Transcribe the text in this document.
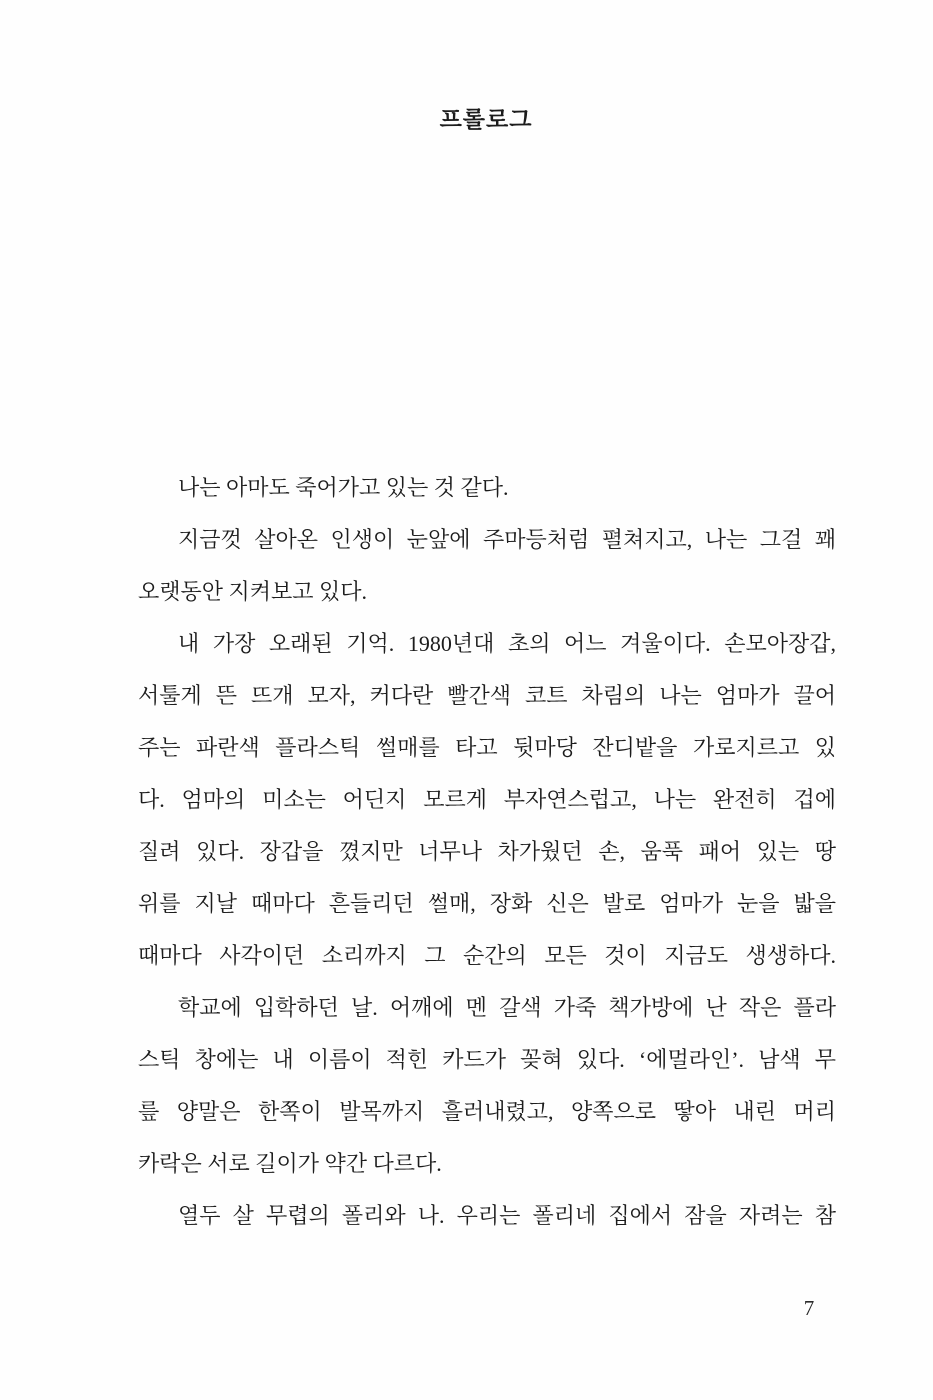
프롤로그
나는 아마도 죽어가고 있는 것 같다.
지금껏 살아온 인생이 눈앞에 주마등처럼 펼쳐지고, 나는 그걸 꽤
오랫동안 지켜보고 있다.
내 가장 오래된 기억. 1980년대 초의 어느 겨울이다. 손모아장갑,
서툴게 뜬 뜨개 모자, 커다란 빨간색 코트 차림의 나는 엄마가 끌어
주는 파란색 플라스틱 썰매를 타고 뒷마당 잔디밭을 가로지르고 있
다. 엄마의 미소는 어딘지 모르게 부자연스럽고, 나는 완전히 겁에
질려 있다. 장갑을 꼈지만 너무나 차가웠던 손, 움푹 패어 있는 땅
위를 지날 때마다 흔들리던 썰매, 장화 신은 발로 엄마가 눈을 밟을
때마다 사각이던 소리까지 그 순간의 모든 것이 지금도 생생하다.
학교에 입학하던 날. 어깨에 멘 갈색 가죽 책가방에 난 작은 플라
스틱 창에는 내 이름이 적힌 카드가 꽂혀 있다. ‘에멀라인’. 남색 무
릎 양말은 한쪽이 발목까지 흘러내렸고, 양쪽으로 땋아 내린 머리
카락은 서로 길이가 약간 다르다.
열두 살 무렵의 폴리와 나. 우리는 폴리네 집에서 잠을 자려는 참
7
